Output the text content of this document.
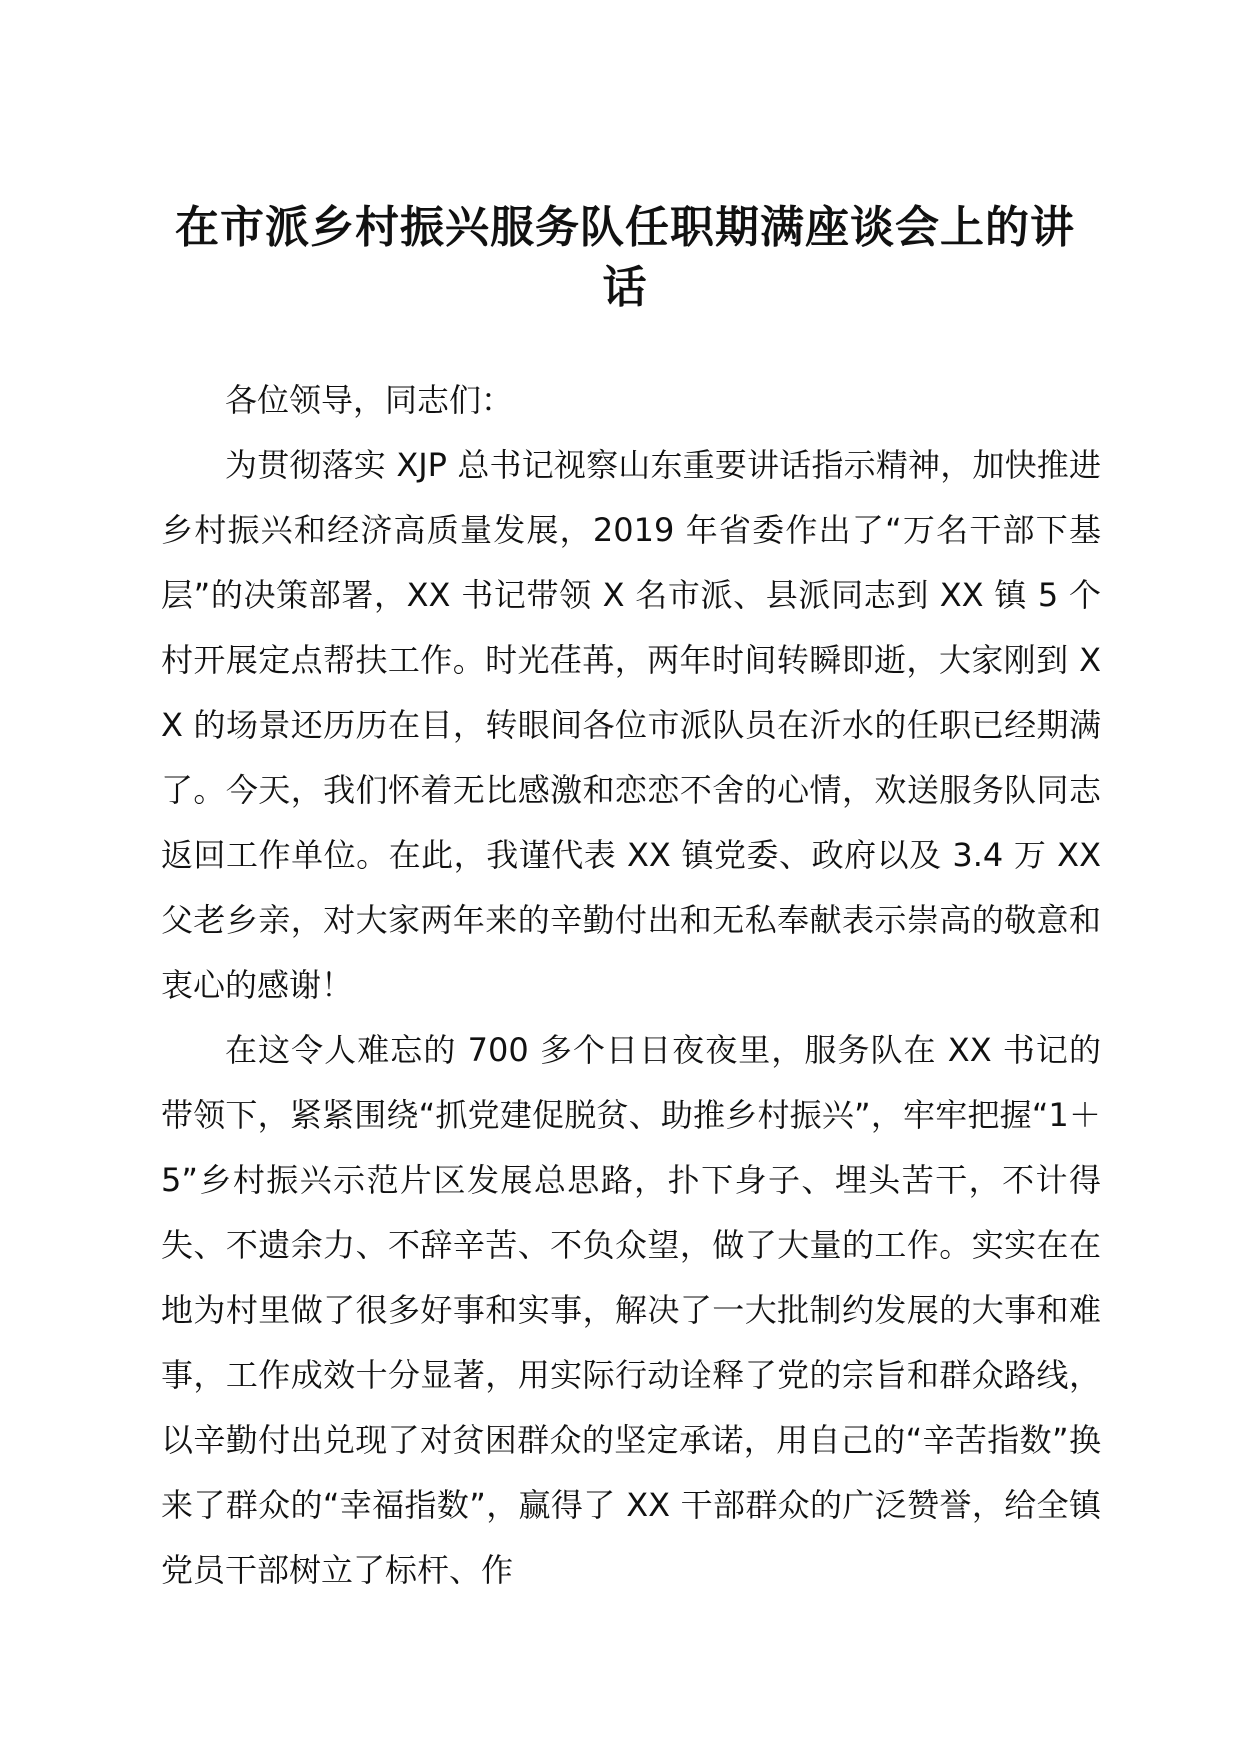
在市派乡村振兴服务队任职期满座谈会上的讲话

各位领导，同志们：

为贯彻落实 XJP 总书记视察山东重要讲话指示精神，加快推进乡村振兴和经济高质量发展，2019 年省委作出了“万名干部下基层”的决策部署，XX 书记带领 X 名市派、县派同志到 XX 镇 5 个村开展定点帮扶工作。时光荏苒，两年时间转瞬即逝，大家刚到 XX 的场景还历历在目，转眼间各位市派队员在沂水的任职已经期满了。今天，我们怀着无比感激和恋恋不舍的心情，欢送服务队同志返回工作单位。在此，我谨代表 XX 镇党委、政府以及 3.4 万 XX 父老乡亲，对大家两年来的辛勤付出和无私奉献表示崇高的敬意和衷心的感谢！

在这令人难忘的 700 多个日日夜夜里，服务队在 XX 书记的带领下，紧紧围绕“抓党建促脱贫、助推乡村振兴”，牢牢把握“1＋5”乡村振兴示范片区发展总思路，扑下身子、埋头苦干，不计得失、不遗余力、不辞辛苦、不负众望，做了大量的工作。实实在在地为村里做了很多好事和实事，解决了一大批制约发展的大事和难事，工作成效十分显著，用实际行动诠释了党的宗旨和群众路线，以辛勤付出兑现了对贫困群众的坚定承诺，用自己的“辛苦指数”换来了群众的“幸福指数”，赢得了 XX 干部群众的广泛赞誉，给全镇党员干部树立了标杆、作
